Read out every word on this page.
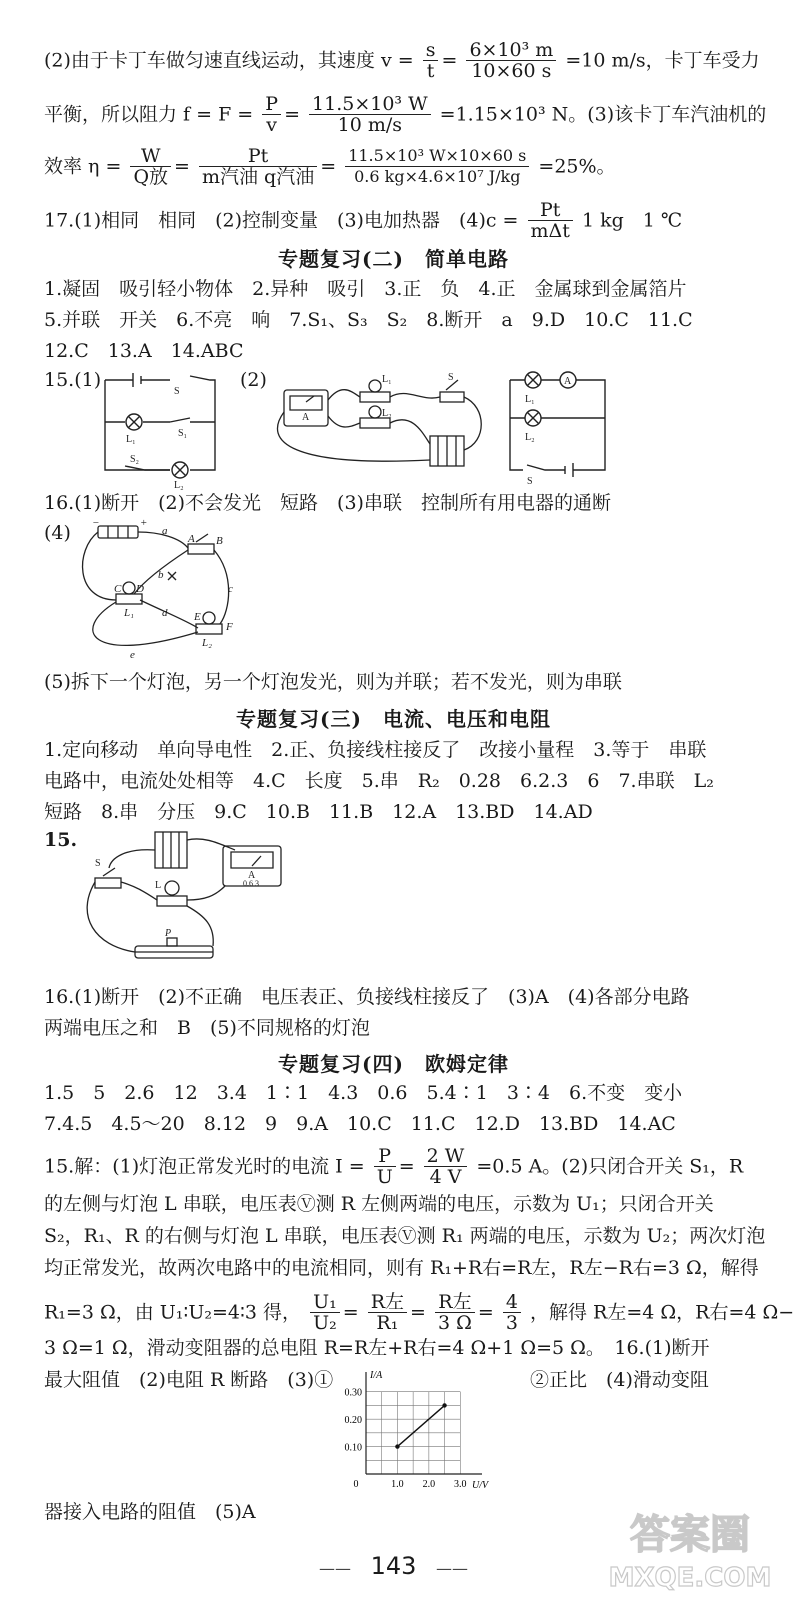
(2)由于卡丁车做匀速直线运动，其速度 $v = \frac{s}{t} = \frac{\text{6×10³ m}}{10\times 60 s} =10$ m/s，卡丁车受力
平衡，所以阻力 $f = F = \frac{P}{v} = \frac{\text{11.5×10³ W}}{10 m/s} =1.15\times 10^3$ N。(3)该卡丁车汽油机的
效率 $\eta = \frac{W}{\text{Q放}} = \frac{Pt}{\text{m汽油 q汽油}} = \frac{\text{11.5×10³ W×10×60 s}}{\text{0.6 kg×4.6×10⁷ J/kg}} =25\%$。
17.(1)相同　相同　(2)控制变量　(3)电加热器　$(4)c = \frac{Pt}{\text{mΔt}} 1$ kg　1 ℃
专题复习(二)　简单电路
1.凝固　吸引轻小物体　2.异种　吸引　3.正　负　4.正　金属球到金属箔片
5.并联　开关　6.不亮　响　7.S₁、S₃　S₂　8.断开　a　9.D　10.C　11.C
12.C　13.A　14.ABC
15.(1)	(2)
S
S₁
L₁
S₂
L₂
A
L₁
L₂
S	A
L₁
L₂
S
16.(1)断开　(2)不会发光　短路　(3)串联　控制所有用电器的通断
(4)	−	+
a
A B
b
c
C D
L₁	d E
F
L₂
e
(5)拆下一个灯泡，另一个灯泡发光，则为并联；若不发光，则为串联
专题复习(三)　电流、电压和电阻
1.定向移动　单向导电性　2.正、负接线柱接反了　改接小量程　3.等于　串联
电路中，电流处处相等　4.C　长度　5.串　R₂　0.28　6.2.3　6　7.串联　L₂
短路　8.串　分压　9.C　10.B　11.B　12.A　13.BD　14.AD
15.
S
L
A
0.6 3
P
16.(1)断开　(2)不正确　电压表正、负接线柱接反了　(3)A　(4)各部分电路
两端电压之和　B　(5)不同规格的灯泡
专题复习(四)　欧姆定律
1.5　5　2.6　12　3.4　1∶1　4.3　0.6　5.4∶1　3∶4　6.不变　变小
7.4.5　4.5～20　8.12　9　9.A　10.C　11.C　12.D　13.BD　14.AC
15.解：(1)灯泡正常发光时的电流 $I = \frac{P}{U} = \frac{2 W}{4 V} =0.5$ A。(2)只闭合开关 S₁，R
的左侧与灯泡 L 串联，电压表Ⓥ测 R 左侧两端的电压，示数为 U₁；只闭合开关
S₂，R₁、R 的右侧与灯泡 L 串联，电压表Ⓥ测 R₁ 两端的电压，示数为 U₂；两次灯泡
均正常发光，故两次电路中的电流相同，则有 R₁+R右=R左，R左−R右=3 Ω，解得
R₁=3 Ω，由 U₁∶U₂=4∶3 得， $\frac{\text{U₁}}{\text{U₂}} = \frac{\text{R左}}{\text{R₁}} = \frac{\text{R左}}{3 \Omega} = \frac{4}{3}$ ，解得 R左=4 Ω，R右=4 Ω−
3 Ω=1 Ω，滑动变阻器的总电阻 R=R左+R右=4 Ω+1 Ω=5 Ω。　16.(1)断开
最大阻值　(2)电阻 R 断路　(3)①	②正比　(4)滑动变阻
0	1.0 2.0 3.0
0.10
0.20
0.30
U/V
I/A
器接入电路的阻值　(5)A
—— 143 ——
答案圈
MXQE.COM
